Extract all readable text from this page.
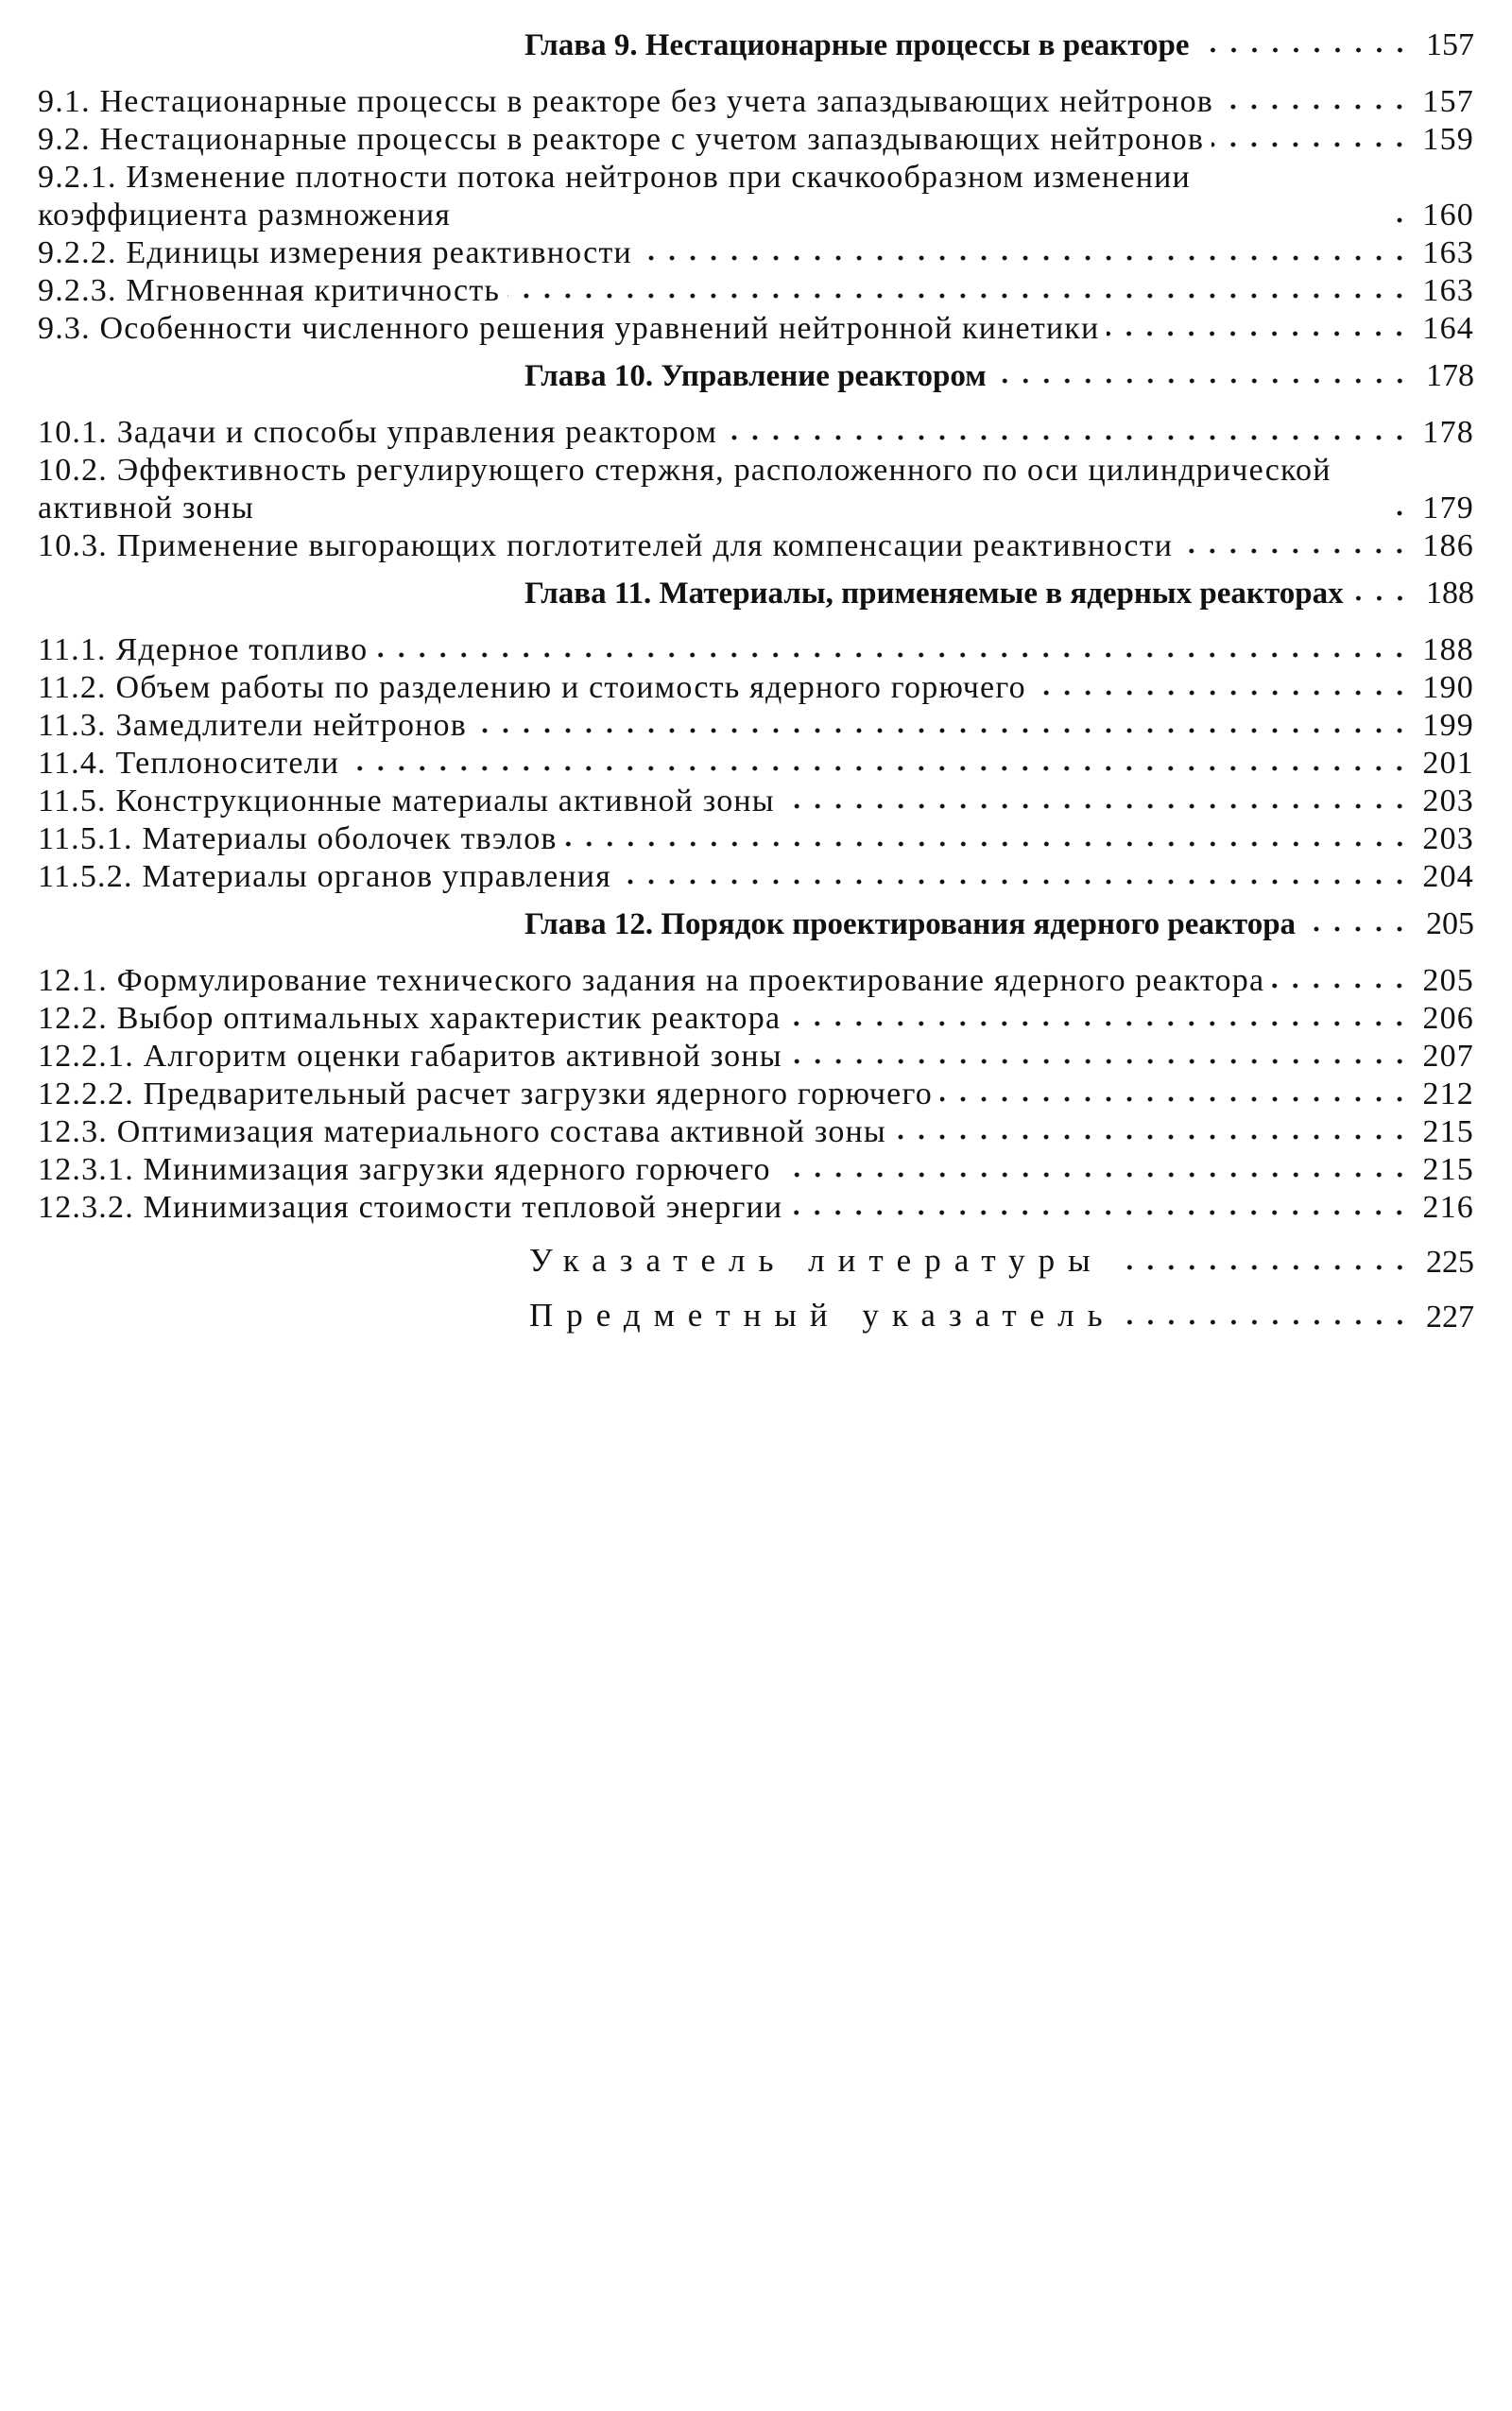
Глава 9. Нестационарные процессы в реакторе	157
9.1. Нестационарные процессы в реакторе без учета запаздывающих нейтронов	157
9.2. Нестационарные процессы в реакторе с учетом запаздывающих нейтронов	159
9.2.1. Изменение плотности потока нейтронов при скачкообразном изменении коэффициента размножения	160
9.2.2. Единицы измерения реактивности	163
9.2.3. Мгновенная критичность	163
9.3. Особенности численного решения уравнений нейтронной кинетики	164
Глава 10. Управление реактором	178
10.1. Задачи и способы управления реактором	178
10.2. Эффективность регулирующего стержня, расположенного по оси цилиндрической активной зоны	179
10.3. Применение выгорающих поглотителей для компенсации реактивности	186
Глава 11. Материалы, применяемые в ядерных реакторах	188
11.1. Ядерное топливо	188
11.2. Объем работы по разделению и стоимость ядерного горючего	190
11.3. Замедлители нейтронов	199
11.4. Теплоносители	201
11.5. Конструкционные материалы активной зоны	203
11.5.1. Материалы оболочек твэлов	203
11.5.2. Материалы органов управления	204
Глава 12. Порядок проектирования ядерного реактора	205
12.1. Формулирование технического задания на проектирование ядерного реактора	205
12.2. Выбор оптимальных характеристик реактора	206
12.2.1. Алгоритм оценки габаритов активной зоны	207
12.2.2. Предварительный расчет загрузки ядерного горючего	212
12.3. Оптимизация материального состава активной зоны	215
12.3.1. Минимизация загрузки ядерного горючего	215
12.3.2. Минимизация стоимости тепловой энергии	216
Указатель литературы	225
Предметный указатель	227
